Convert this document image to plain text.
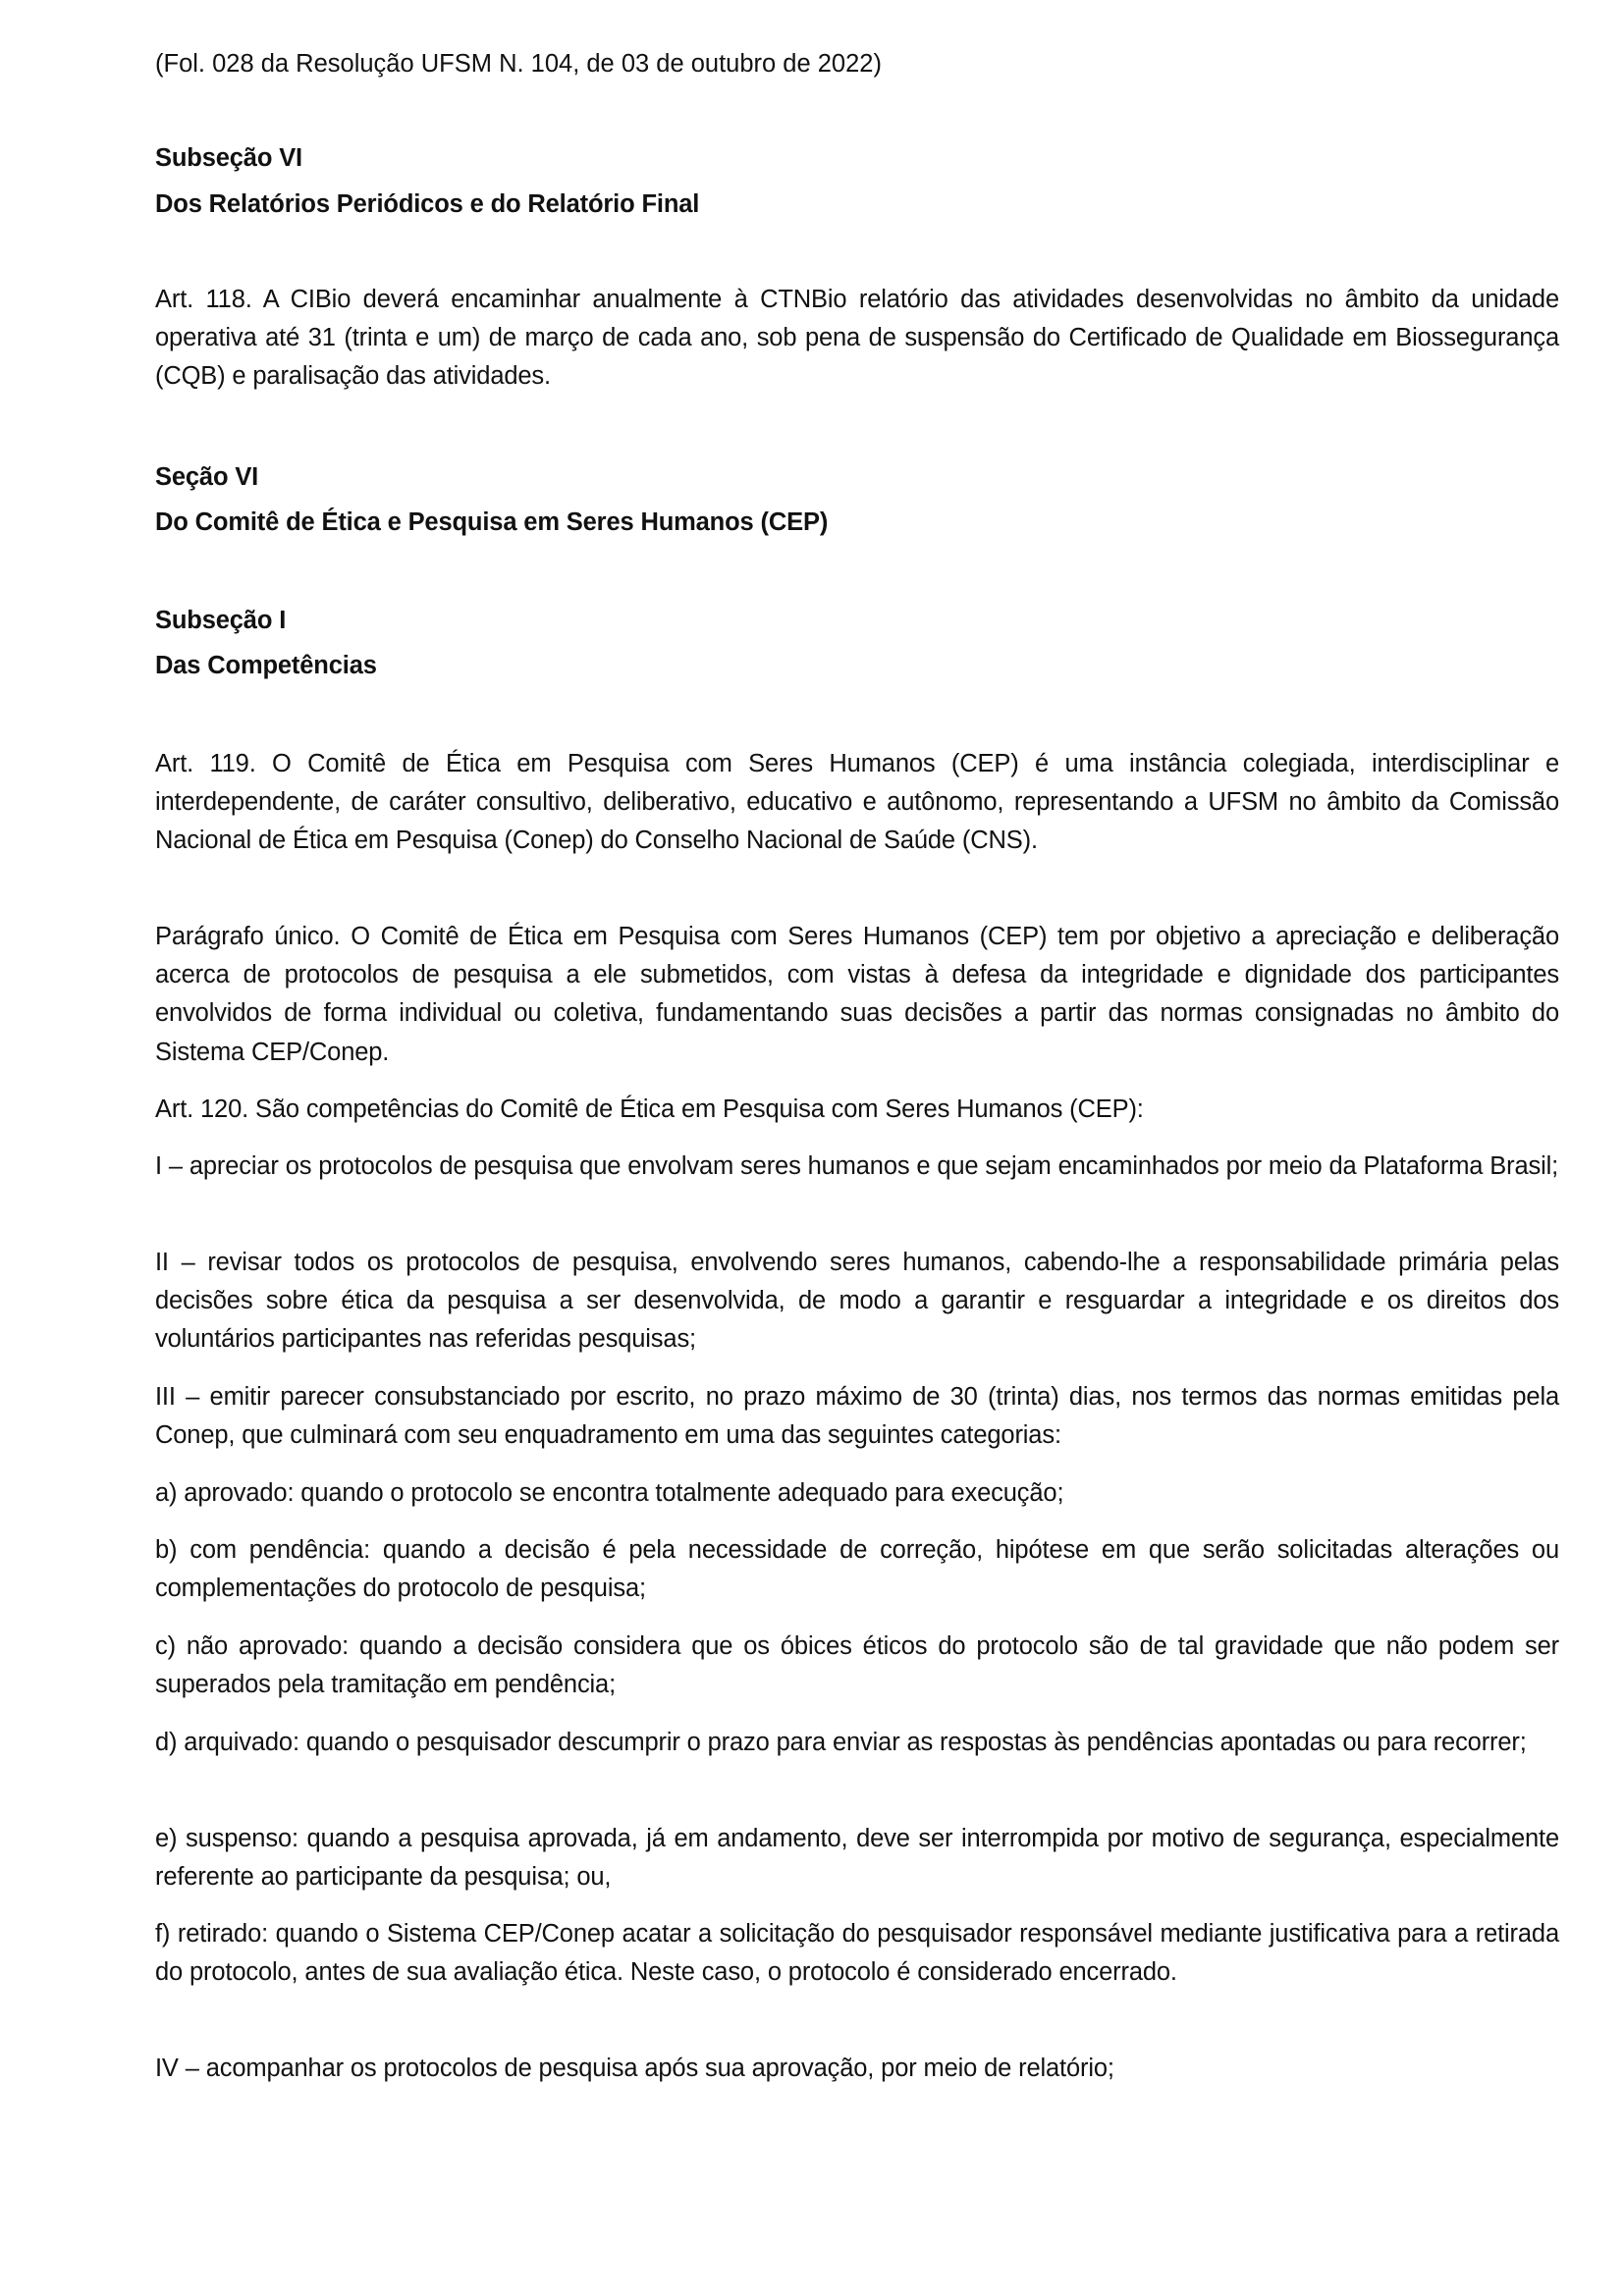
(Fol. 028 da Resolução UFSM N. 104, de 03 de outubro de 2022)
Subseção VI
Dos Relatórios Periódicos e do Relatório Final
Art. 118. A CIBio deverá encaminhar anualmente à CTNBio relatório das atividades desenvolvidas no âmbito da unidade operativa até 31 (trinta e um) de março de cada ano, sob pena de suspensão do Certificado de Qualidade em Biossegurança (CQB) e paralisação das atividades.
Seção VI
Do Comitê de Ética e Pesquisa em Seres Humanos (CEP)
Subseção I
Das Competências
Art. 119. O Comitê de Ética em Pesquisa com Seres Humanos (CEP) é uma instância colegiada, interdisciplinar e interdependente, de caráter consultivo, deliberativo, educativo e autônomo, representando a UFSM no âmbito da Comissão Nacional de Ética em Pesquisa (Conep) do Conselho Nacional de Saúde (CNS).
Parágrafo único. O Comitê de Ética em Pesquisa com Seres Humanos (CEP) tem por objetivo a apreciação e deliberação acerca de protocolos de pesquisa a ele submetidos, com vistas à defesa da integridade e dignidade dos participantes envolvidos de forma individual ou coletiva, fundamentando suas decisões a partir das normas consignadas no âmbito do Sistema CEP/Conep.
Art. 120. São competências do Comitê de Ética em Pesquisa com Seres Humanos (CEP):
I – apreciar os protocolos de pesquisa que envolvam seres humanos e que sejam encaminhados por meio da Plataforma Brasil;
II – revisar todos os protocolos de pesquisa, envolvendo seres humanos, cabendo-lhe a responsabilidade primária pelas decisões sobre ética da pesquisa a ser desenvolvida, de modo a garantir e resguardar a integridade e os direitos dos voluntários participantes nas referidas pesquisas;
III – emitir parecer consubstanciado por escrito, no prazo máximo de 30 (trinta) dias, nos termos das normas emitidas pela Conep, que culminará com seu enquadramento em uma das seguintes categorias:
a) aprovado: quando o protocolo se encontra totalmente adequado para execução;
b) com pendência: quando a decisão é pela necessidade de correção, hipótese em que serão solicitadas alterações ou complementações do protocolo de pesquisa;
c) não aprovado: quando a decisão considera que os óbices éticos do protocolo são de tal gravidade que não podem ser superados pela tramitação em pendência;
d) arquivado: quando o pesquisador descumprir o prazo para enviar as respostas às pendências apontadas ou para recorrer;
e) suspenso: quando a pesquisa aprovada, já em andamento, deve ser interrompida por motivo de segurança, especialmente referente ao participante da pesquisa; ou,
f) retirado: quando o Sistema CEP/Conep acatar a solicitação do pesquisador responsável mediante justificativa para a retirada do protocolo, antes de sua avaliação ética. Neste caso, o protocolo é considerado encerrado.
IV – acompanhar os protocolos de pesquisa após sua aprovação, por meio de relatório;
